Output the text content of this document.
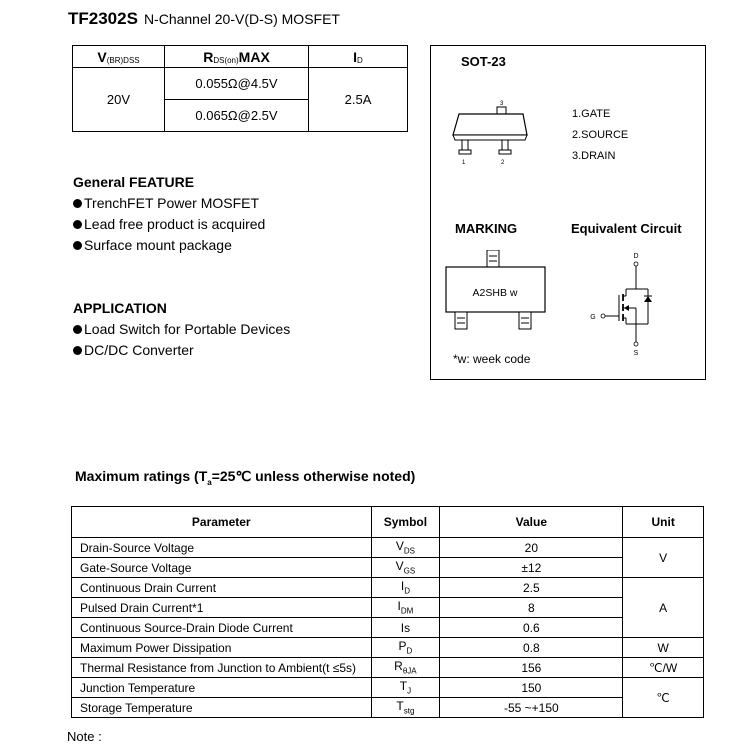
TF2302S N-Channel 20-V(D-S) MOSFET
$V_{(BR)DSS}$	$R_{DS(on)}MAX$	$I_D$
20V	0.055Ω@4.5V	2.5A
	0.065Ω@2.5V	
General FEATURE
TrenchFET Power MOSFET
Lead free product is acquired
Surface mount package
APPLICATION
Load Switch for Portable Devices
DC/DC Converter
SOT-23
3
1	2
1.GATE
2.SOURCE
3.DRAIN
MARKING	Equivalent Circuit
A2SHB w
*w: week code
D
G
S
Maximum ratings ($T_a=25℃$ unless otherwise noted)
Parameter	Symbol	Value	Unit
Drain-Source Voltage	$V_{DS}$	20	V
Gate-Source Voltage	$V_{GS}$	±12	
Continuous Drain Current	$I_D$	2.5	A
Pulsed Drain Current*1	$I_{DM}$	8	
Continuous Source-Drain Diode Current	Is	0.6	
Maximum Power Dissipation	$P_D$	0.8	W
Thermal Resistance from Junction to Ambient(t ≤5s)	$R_{\theta JA}$	156	℃/W
Junction Temperature	$T_J$	150	℃
Storage Temperature	$T_{stg}$	-55 ~+150	
Note :
